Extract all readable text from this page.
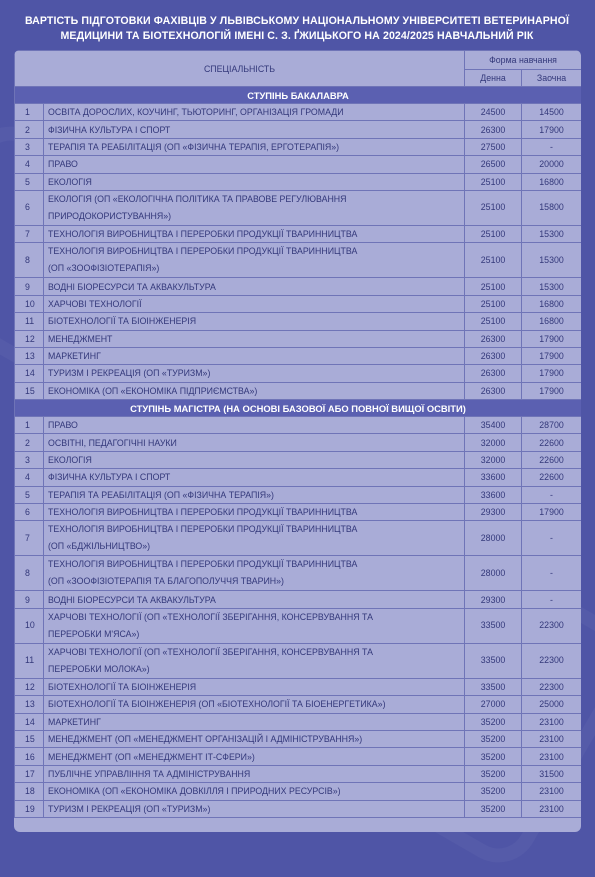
ВАРТІСТЬ ПІДГОТОВКИ ФАХІВЦІВ У ЛЬВІВСЬКОМУ НАЦІОНАЛЬНОМУ УНІВЕРСИТЕТІ ВЕТЕРИНАРНОЇ
МЕДИЦИНИ ТА БІОТЕХНОЛОГІЙ ІМЕНІ С. З. ҐЖИЦЬКОГО НА 2024/2025 НАВЧАЛЬНИЙ РІК
СПЕЦІАЛЬНІСТЬ		Форма навчання	
		Денна	Заочна
СТУПІНЬ БАКАЛАВРА			
1	ОСВІТА ДОРОСЛИХ, КОУЧИНГ, ТЬЮТОРИНГ, ОРГАНІЗАЦІЯ ГРОМАДИ	24500	14500
2	ФІЗИЧНА КУЛЬТУРА І СПОРТ	26300	17900
3	ТЕРАПІЯ ТА РЕАБІЛІТАЦІЯ (ОП «ФІЗИЧНА ТЕРАПІЯ, ЕРГОТЕРАПІЯ»)	27500	-
4	ПРАВО	26500	20000
5	ЕКОЛОГІЯ	25100	16800
6	ЕКОЛОГІЯ (ОП «ЕКОЛОГІЧНА ПОЛІТИКА ТА ПРАВОВЕ РЕГУЛЮВАННЯ
ПРИРОДОКОРИСТУВАННЯ»)	25100	15800
7	ТЕХНОЛОГІЯ ВИРОБНИЦТВА І ПЕРЕРОБКИ ПРОДУКЦІЇ ТВАРИННИЦТВА	25100	15300
8	ТЕХНОЛОГІЯ ВИРОБНИЦТВА І ПЕРЕРОБКИ ПРОДУКЦІЇ ТВАРИННИЦТВА
(ОП «ЗООФІЗІОТЕРАПІЯ»)	25100	15300
9	ВОДНІ БІОРЕСУРСИ ТА АКВАКУЛЬТУРА	25100	15300
10	ХАРЧОВІ ТЕХНОЛОГІЇ	25100	16800
11	БІОТЕХНОЛОГІЇ ТА БІОІНЖЕНЕРІЯ	25100	16800
12	МЕНЕДЖМЕНТ	26300	17900
13	МАРКЕТИНГ	26300	17900
14	ТУРИЗМ І РЕКРЕАЦІЯ (ОП «ТУРИЗМ»)	26300	17900
15	ЕКОНОМІКА (ОП «ЕКОНОМІКА ПІДПРИЄМСТВА»)	26300	17900
СТУПІНЬ МАГІСТРА (НА ОСНОВІ БАЗОВОЇ АБО ПОВНОЇ ВИЩОЇ ОСВІТИ)			
1	ПРАВО	35400	28700
2	ОСВІТНІ, ПЕДАГОГІЧНІ НАУКИ	32000	22600
3	ЕКОЛОГІЯ	32000	22600
4	ФІЗИЧНА КУЛЬТУРА І СПОРТ	33600	22600
5	ТЕРАПІЯ ТА РЕАБІЛІТАЦІЯ (ОП «ФІЗИЧНА ТЕРАПІЯ»)	33600	-
6	ТЕХНОЛОГІЯ ВИРОБНИЦТВА І ПЕРЕРОБКИ ПРОДУКЦІЇ ТВАРИННИЦТВА	29300	17900
7	ТЕХНОЛОГІЯ ВИРОБНИЦТВА І ПЕРЕРОБКИ ПРОДУКЦІЇ ТВАРИННИЦТВА
(ОП «БДЖІЛЬНИЦТВО»)	28000	-
8	ТЕХНОЛОГІЯ ВИРОБНИЦТВА І ПЕРЕРОБКИ ПРОДУКЦІЇ ТВАРИННИЦТВА
(ОП «ЗООФІЗІОТЕРАПІЯ ТА БЛАГОПОЛУЧЧЯ ТВАРИН»)	28000	-
9	ВОДНІ БІОРЕСУРСИ ТА АКВАКУЛЬТУРА	29300	-
10	ХАРЧОВІ ТЕХНОЛОГІЇ (ОП «ТЕХНОЛОГІЇ ЗБЕРІГАННЯ, КОНСЕРВУВАННЯ ТА
ПЕРЕРОБКИ М'ЯСА»)	33500	22300
11	ХАРЧОВІ ТЕХНОЛОГІЇ (ОП «ТЕХНОЛОГІЇ ЗБЕРІГАННЯ, КОНСЕРВУВАННЯ ТА
ПЕРЕРОБКИ МОЛОКА»)	33500	22300
12	БІОТЕХНОЛОГІЇ ТА БІОІНЖЕНЕРІЯ	33500	22300
13	БІОТЕХНОЛОГІЇ ТА БІОІНЖЕНЕРІЯ (ОП «БІОТЕХНОЛОГІЇ ТА БІОЕНЕРГЕТИКА»)	27000	25000
14	МАРКЕТИНГ	35200	23100
15	МЕНЕДЖМЕНТ (ОП «МЕНЕДЖМЕНТ ОРГАНІЗАЦІЙ І АДМІНІСТРУВАННЯ»)	35200	23100
16	МЕНЕДЖМЕНТ (ОП «МЕНЕДЖМЕНТ ІТ-СФЕРИ»)	35200	23100
17	ПУБЛІЧНЕ УПРАВЛІННЯ ТА АДМІНІСТРУВАННЯ	35200	31500
18	ЕКОНОМІКА (ОП «ЕКОНОМІКА ДОВКІЛЛЯ І ПРИРОДНИХ РЕСУРСІВ»)	35200	23100
19	ТУРИЗМ І РЕКРЕАЦІЯ (ОП «ТУРИЗМ»)	35200	23100
